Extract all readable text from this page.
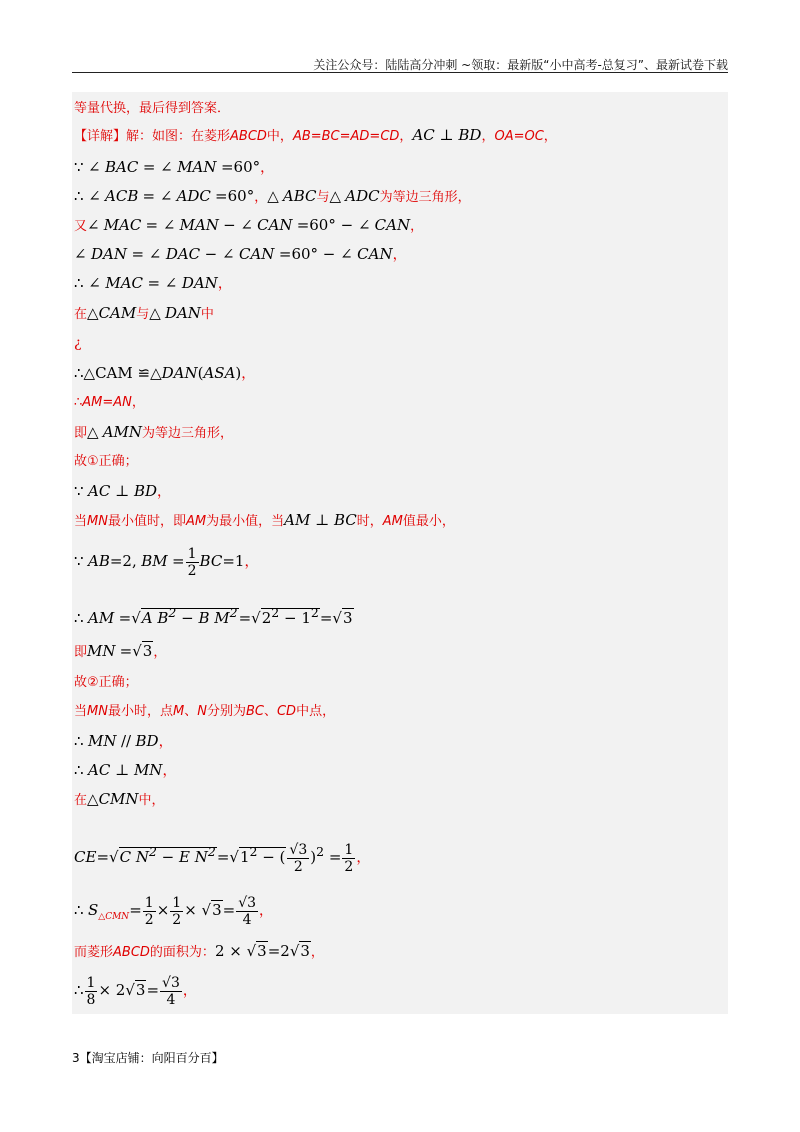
关注公众号：陆陆高分冲刺 ~领取：最新版“小中高考-总复习”、最新试卷下载
等量代换，最后得到答案．
【详解】解：如图：在菱形ABCD中，AB=BC=AD=CD，AC ⊥ BD，OA=OC，
∵ ∠ BAC = ∠ MAN =60°，
∴ ∠ ACB = ∠ ADC =60°，△ ABC与△ ADC为等边三角形，
又∠ MAC = ∠ MAN − ∠ CAN =60° − ∠ CAN，
∠ DAN = ∠ DAC − ∠ CAN =60° − ∠ CAN，
∴ ∠ MAC = ∠ DAN，
在△CAM与△ DAN中
¿
∴△CAM ≌△DAN(ASA)，
∴AM=AN，
即△ AMN为等边三角形，
故①正确；
∵ AC ⊥ BD，
当MN最小值时，即AM为最小值，当AM ⊥ BC时，AM值最小，
∵ AB=2, BM = $\frac{1}{2} BC=1$，
∴ AM =√A $B^2 - B$ $M^2=√2^2 - 1^2=√3$
即MN =√3，
故②正确；
当MN最小时，点M、N分别为BC、CD中点，
∴ MN // BD，
∴ AC ⊥ MN，
在△CMN中，
CE=√C $N^2 - E$ $N^2=√1^2$ − ( $\frac{√3}{2} )^2 = \frac{1}{2}$ ，
∴ $S_{\triangle CMN}= \frac{1}{2} \times \frac{1}{2} \times √3= \frac{√3}{4}$ ，
而菱形ABCD的面积为：2 × √3=2√3，
∴ $\frac{1}{8} \times 2√3= \frac{√3}{4}$ ，
3【淘宝店铺：向阳百分百】
